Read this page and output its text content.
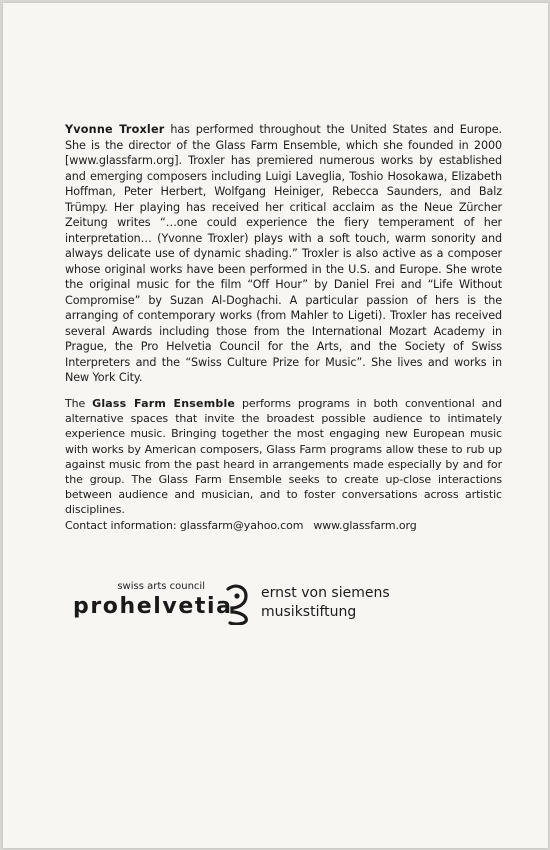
Yvonne Troxler has performed throughout the United States and Europe. She is the director of the Glass Farm Ensemble, which she founded in 2000 [www.glassfarm.org]. Troxler has premiered numerous works by established and emerging composers including Luigi Laveglia, Toshio Hosokawa, Elizabeth Hoffman, Peter Herbert, Wolfgang Heiniger, Rebecca Saunders, and Balz Trümpy. Her playing has received her critical acclaim as the Neue Zürcher Zeitung writes “…one could experience the fiery temperament of her interpretation… (Yvonne Troxler) plays with a soft touch, warm sonority and always delicate use of dynamic shading.” Troxler is also active as a composer whose original works have been performed in the U.S. and Europe. She wrote the original music for the film “Off Hour” by Daniel Frei and “Life Without Compromise” by Suzan Al-Doghachi. A particular passion of hers is the arranging of contemporary works (from Mahler to Ligeti). Troxler has received several Awards including those from the International Mozart Academy in Prague, the Pro Helvetia Council for the Arts, and the Society of Swiss Interpreters and the “Swiss Culture Prize for Music”. She lives and works in New York City.

The Glass Farm Ensemble performs programs in both conventional and alternative spaces that invite the broadest possible audience to intimately experience music. Bringing together the most engaging new European music with works by American composers, Glass Farm programs allow these to rub up against music from the past heard in arrangements made especially by and for the group. The Glass Farm Ensemble seeks to create up-close interactions between audience and musician, and to foster conversations across artistic disciplines.
Contact information: glassfarm@yahoo.com www.glassfarm.org

swiss arts council
prohelvetia
ernst von siemens
musikstiftung
